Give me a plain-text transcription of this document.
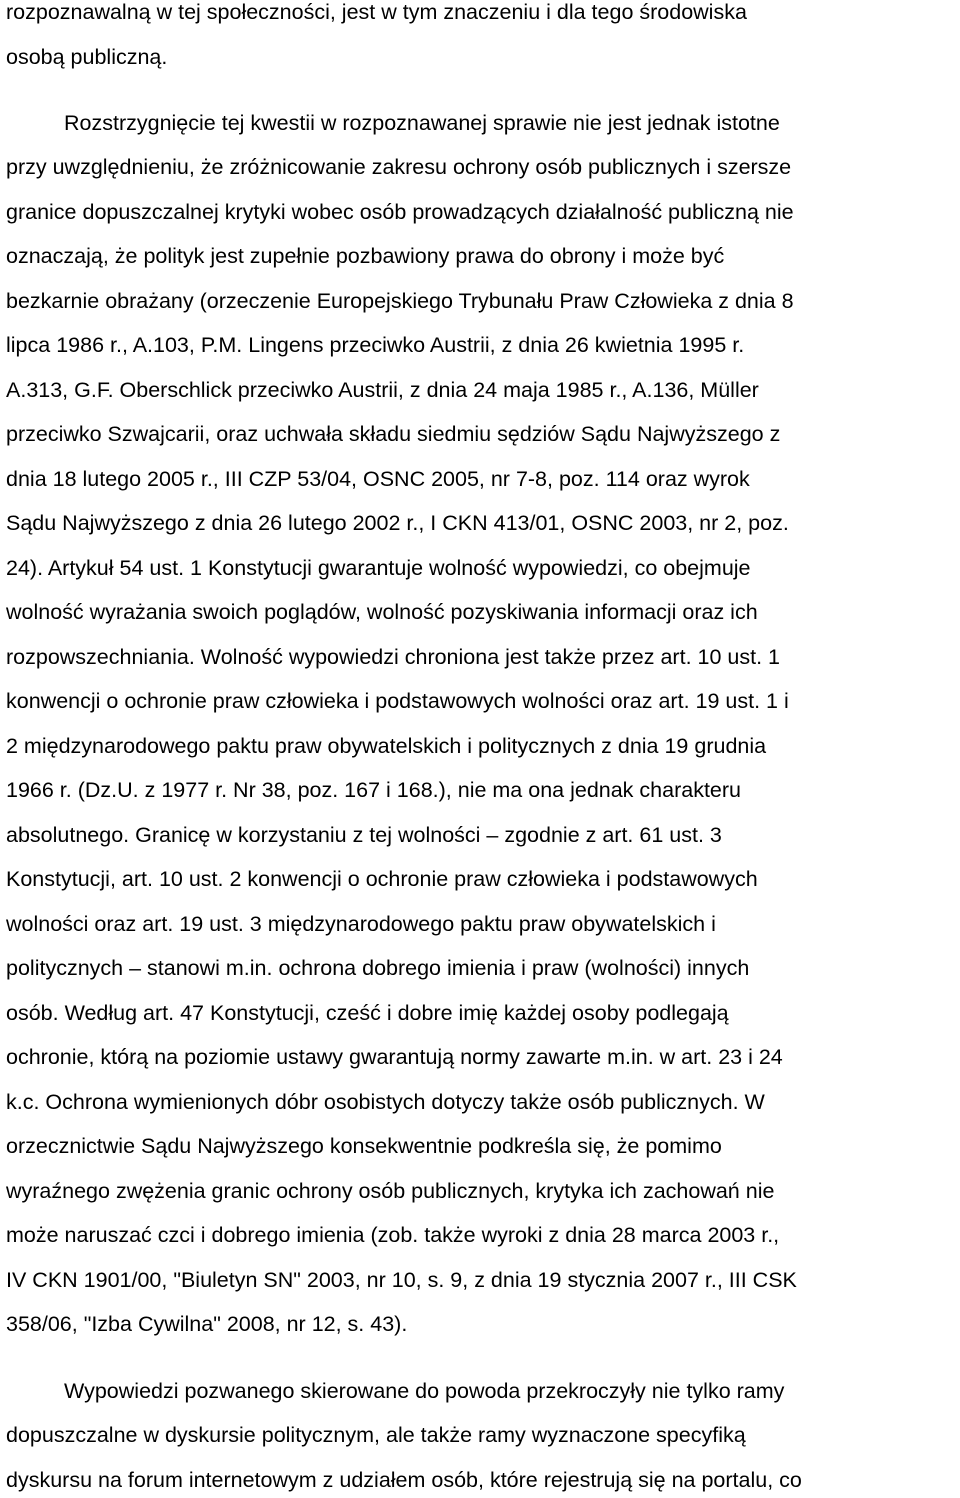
rozpoznawalną w tej społeczności, jest w tym znaczeniu i dla tego środowiska
osobą publiczną.
Rozstrzygnięcie tej kwestii w rozpoznawanej sprawie nie jest jednak istotne
przy uwzględnieniu, że zróżnicowanie zakresu ochrony osób publicznych i szersze
granice dopuszczalnej krytyki wobec osób prowadzących działalność publiczną nie
oznaczają, że polityk jest zupełnie pozbawiony prawa do obrony i może być
bezkarnie obrażany (orzeczenie Europejskiego Trybunału Praw Człowieka z dnia 8
lipca 1986 r., A.103, P.M. Lingens przeciwko Austrii, z dnia 26 kwietnia 1995 r.
A.313, G.F. Oberschlick przeciwko Austrii, z dnia 24 maja 1985 r., A.136, Müller
przeciwko Szwajcarii, oraz uchwała składu siedmiu sędziów Sądu Najwyższego z
dnia 18 lutego 2005 r., III CZP 53/04, OSNC 2005, nr 7-8, poz. 114 oraz wyrok
Sądu Najwyższego z dnia 26 lutego 2002 r., I CKN 413/01, OSNC 2003, nr 2, poz.
24). Artykuł 54 ust. 1 Konstytucji gwarantuje wolność wypowiedzi, co obejmuje
wolność wyrażania swoich poglądów, wolność pozyskiwania informacji oraz ich
rozpowszechniania. Wolność wypowiedzi chroniona jest także przez art. 10 ust. 1
konwencji o ochronie praw człowieka i podstawowych wolności oraz art. 19 ust. 1 i
2 międzynarodowego paktu praw obywatelskich i politycznych z dnia 19 grudnia
1966 r. (Dz.U. z 1977 r. Nr 38, poz. 167 i 168.), nie ma ona jednak charakteru
absolutnego. Granicę w korzystaniu z tej wolności – zgodnie z art. 61 ust. 3
Konstytucji, art. 10 ust. 2 konwencji o ochronie praw człowieka i podstawowych
wolności oraz art. 19 ust. 3 międzynarodowego paktu praw obywatelskich i
politycznych – stanowi m.in. ochrona dobrego imienia i praw (wolności) innych
osób. Według art. 47 Konstytucji, cześć i dobre imię każdej osoby podlegają
ochronie, którą na poziomie ustawy gwarantują normy zawarte m.in. w art. 23 i 24
k.c. Ochrona wymienionych dóbr osobistych dotyczy także osób publicznych. W
orzecznictwie Sądu Najwyższego konsekwentnie podkreśla się, że pomimo
wyraźnego zwężenia granic ochrony osób publicznych, krytyka ich zachowań nie
może naruszać czci i dobrego imienia (zob. także wyroki z dnia 28 marca 2003 r.,
IV CKN 1901/00, "Biuletyn SN" 2003, nr 10, s. 9, z dnia 19 stycznia 2007 r., III CSK
358/06, "Izba Cywilna" 2008, nr 12, s. 43).
Wypowiedzi pozwanego skierowane do powoda przekroczyły nie tylko ramy
dopuszczalne w dyskursie politycznym, ale także ramy wyznaczone specyfiką
dyskursu na forum internetowym z udziałem osób, które rejestrują się na portalu, co
